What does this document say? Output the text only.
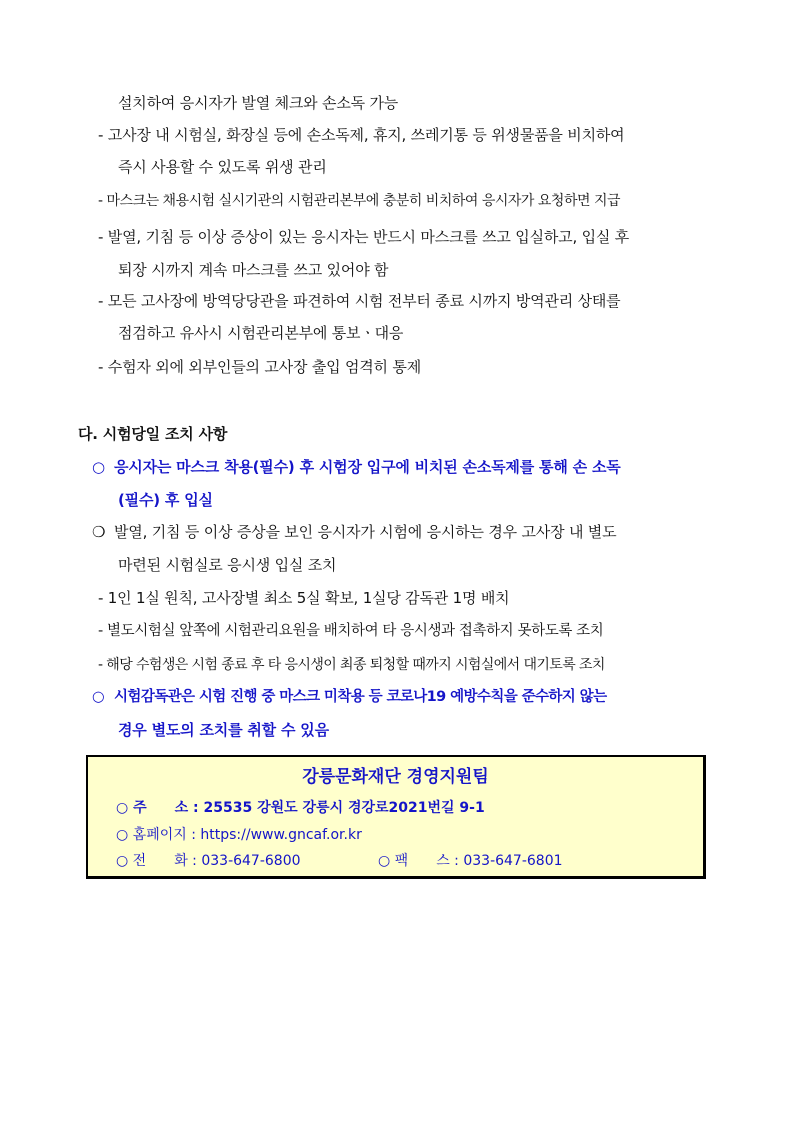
설치하여 응시자가 발열 체크와 손소독 가능
- 고사장 내 시험실, 화장실 등에 손소독제, 휴지, 쓰레기통 등 위생물품을 비치하여
즉시 사용할 수 있도록 위생 관리
- 마스크는 채용시험 실시기관의 시험관리본부에 충분히 비치하여 응시자가 요청하면 지급
- 발열, 기침 등 이상 증상이 있는 응시자는 반드시 마스크를 쓰고 입실하고, 입실 후
퇴장 시까지 계속 마스크를 쓰고 있어야 함
- 모든 고사장에 방역당당관을 파견하여 시험 전부터 종료 시까지 방역관리 상태를
점검하고 유사시 시험관리본부에 통보ㆍ대응
- 수험자 외에 외부인들의 고사장 출입 엄격히 통제
다. 시험당일 조치 사항
○ 응시자는 마스크 착용(필수) 후 시험장 입구에 비치된 손소독제를 통해 손 소독
(필수) 후 입실
❍ 발열, 기침 등 이상 증상을 보인 응시자가 시험에 응시하는 경우 고사장 내 별도
마련된 시험실로 응시생 입실 조치
- 1인 1실 원칙, 고사장별 최소 5실 확보, 1실당 감독관 1명 배치
- 별도시험실 앞쪽에 시험관리요원을 배치하여 타 응시생과 접촉하지 못하도록 조치
- 해당 수험생은 시험 종료 후 타 응시생이 최종 퇴청할 때까지 시험실에서 대기토록 조치
○ 시험감독관은 시험 진행 중 마스크 미착용 등 코로나19 예방수칙을 준수하지 않는
경우 별도의 조치를 취할 수 있음
강릉문화재단 경영지원팀
○ 주　　소 : 25535 강원도 강릉시 경강로2021번길 9-1
○ 홈페이지 : https://www.gncaf.or.kr
○ 전　　화 : 033-647-6800	○ 팩　　스 : 033-647-6801
